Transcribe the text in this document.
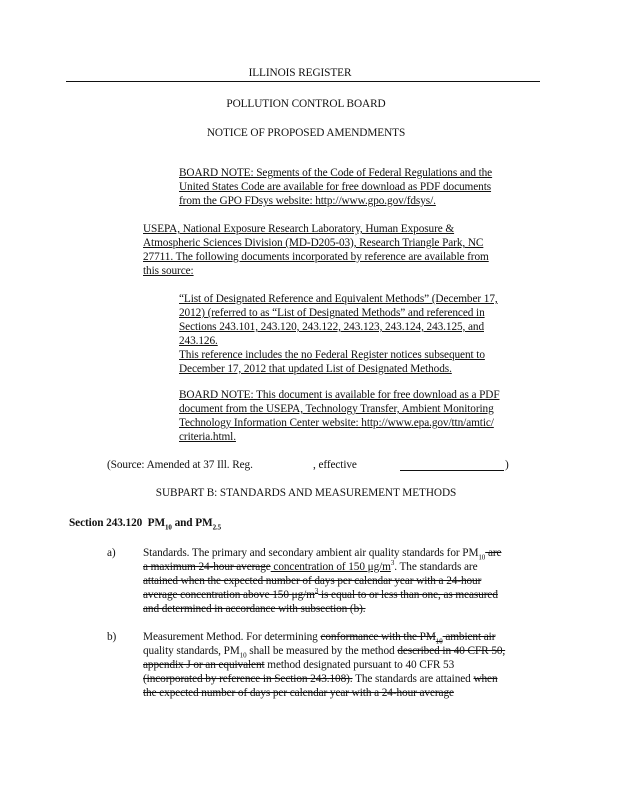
ILLINOIS REGISTER
POLLUTION CONTROL BOARD
NOTICE OF PROPOSED AMENDMENTS
BOARD NOTE: Segments of the Code of Federal Regulations and the
United States Code are available for free download as PDF documents
from the GPO FDsys website: http://www.gpo.gov/fdsys/.
USEPA, National Exposure Research Laboratory, Human Exposure &
Atmospheric Sciences Division (MD-D205-03), Research Triangle Park, NC
27711. The following documents incorporated by reference are available from
this source:
“List of Designated Reference and Equivalent Methods” (December 17,
2012) (referred to as “List of Designated Methods” and referenced in
Sections 243.101, 243.120, 243.122, 243.123, 243.124, 243.125, and
243.126.
This reference includes the no Federal Register notices subsequent to
December 17, 2012 that updated List of Designated Methods.
BOARD NOTE: This document is available for free download as a PDF
document from the USEPA, Technology Transfer, Ambient Monitoring
Technology Information Center website: http://www.epa.gov/ttn/amtic/
criteria.html.
(Source: Amended at 37 Ill. Reg.	, effective	)
SUBPART B: STANDARDS AND MEASUREMENT METHODS
Section 243.120 $PM_{10}$ and $PM_{2.5}$
a) Standards. The primary and secondary ambient air quality standards for $PM_{10}$ are
a maximum 24-hour average concentration of 150 $\mu g/m^3$. The standards are
attained when the expected number of days per calendar year with a 24-hour
average concentration above 150 $\mu g/m^3$ is equal to or less than one, as measured
and determined in accordance with subsection (b).
b) Measurement Method. For determining conformance with the $PM_{10}$ ambient air
quality standards, $PM_{10}$ shall be measured by the method described in 40 CFR 50,
appendix J or an equivalent method designated pursuant to 40 CFR 53
(incorporated by reference in Section 243.108). The standards are attained when
the expected number of days per calendar year with a 24-hour average
